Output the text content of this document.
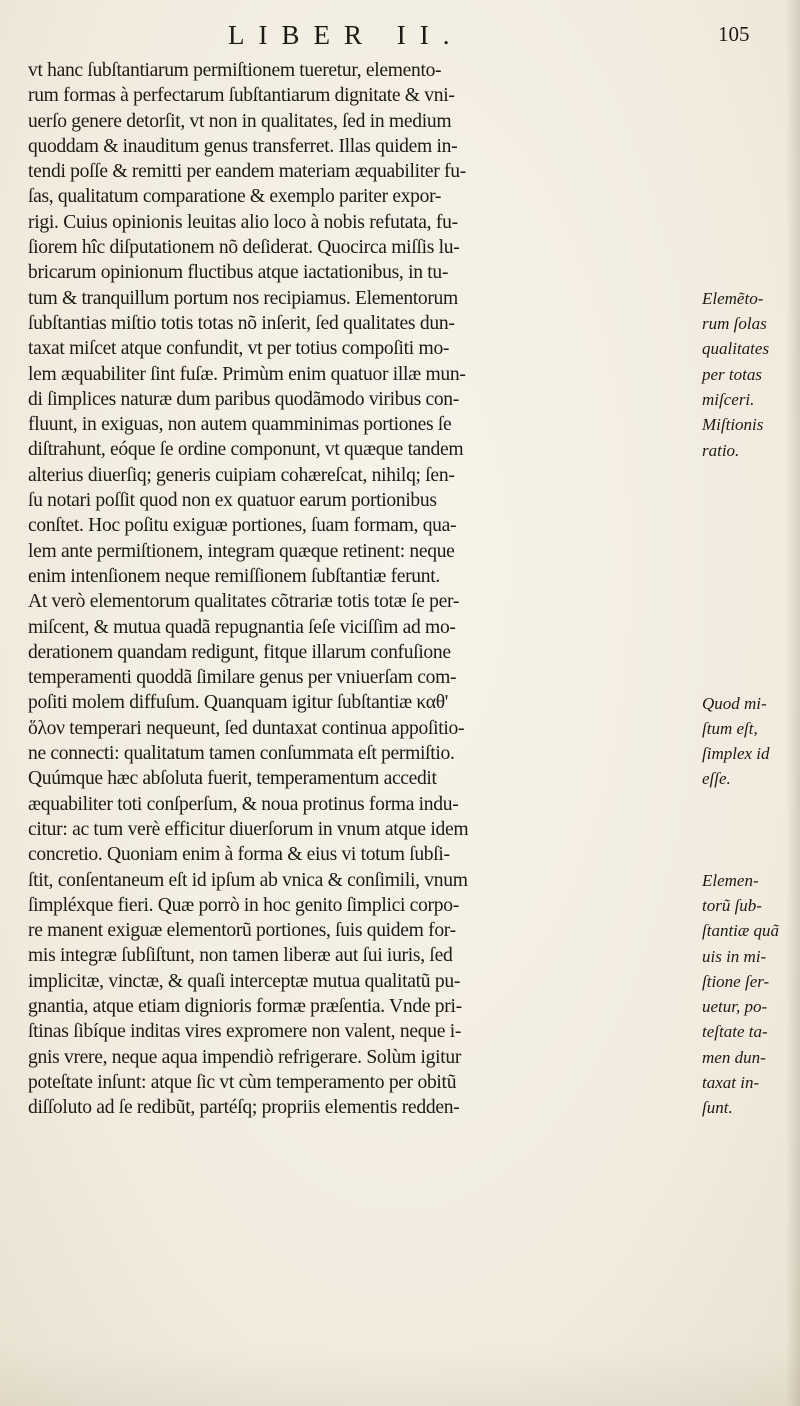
LIBER II.	105
vt hanc ſubſtantiarum permiſtionem tueretur, elemento-
rum formas à perfectarum ſubſtantiarum dignitate & vni-
uerſo genere detorſit, vt non in qualitates, ſed in medium
quoddam & inauditum genus transferret. Illas quidem in-
tendi poſſe & remitti per eandem materiam æquabiliter fu-
ſas, qualitatum comparatione & exemplo pariter expor-
rigi. Cuius opinionis leuitas alio loco à nobis refutata, fu-
ſiorem hîc diſputationem nõ deſiderat. Quocirca miſſis lu-
bricarum opinionum fluctibus atque iactationibus, in tu-
tum & tranquillum portum nos recipiamus. Elementorum
ſubſtantias miſtio totis totas nõ inſerit, ſed qualitates dun-
taxat miſcet atque confundit, vt per totius compoſiti mo-
lem æquabiliter ſint fuſæ. Primùm enim quatuor illæ mun-
di ſimplices naturæ dum paribus quodãmodo viribus con-
fluunt, in exiguas, non autem quamminimas portiones ſe
diſtrahunt, eóque ſe ordine componunt, vt quæque tandem
alterius diuerſiq; generis cuipiam cohæreſcat, nihilq; ſen-
ſu notari poſſit quod non ex quatuor earum portionibus
conſtet. Hoc poſitu exiguæ portiones, ſuam formam, qua-
lem ante permiſtionem, integram quæque retinent: neque
enim intenſionem neque remiſſionem ſubſtantiæ ferunt.
At verò elementorum qualitates cõtrariæ totis totæ ſe per-
miſcent, & mutua quadã repugnantia ſeſe viciſſim ad mo-
derationem quandam redigunt, fitque illarum confuſione
temperamenti quoddã ſimilare genus per vniuerſam com-
poſiti molem diffuſum. Quanquam igitur ſubſtantiæ καθ'
ὅλον temperari nequeunt, ſed duntaxat continua appoſitio-
ne connecti: qualitatum tamen conſummata eſt permiſtio.
Quúmque hæc abſoluta fuerit, temperamentum accedit
æquabiliter toti conſperſum, & noua protinus forma indu-
citur: ac tum verè efficitur diuerſorum in vnum atque idem
concretio. Quoniam enim à forma & eius vi totum ſubſi-
ſtit, conſentaneum eſt id ipſum ab vnica & conſimili, vnum
ſimpléxque fieri. Quæ porrò in hoc genito ſimplici corpo-
re manent exiguæ elementorũ portiones, ſuis quidem for-
mis integræ ſubſiſtunt, non tamen liberæ aut ſui iuris, ſed
implicitæ, vinctæ, & quaſi interceptæ mutua qualitatũ pu-
gnantia, atque etiam dignioris formæ præſentia. Vnde pri-
ſtinas ſibíque inditas vires expromere non valent, neque i-
gnis vrere, neque aqua impendiò refrigerare. Solùm igitur
poteſtate inſunt: atque ſic vt cùm temperamento per obitũ
diſſoluto ad ſe redibũt, partéſq; propriis elementis redden-
Elemẽto-
rum ſolas
qualitates
per totas
miſceri.
Miſtionis
ratio.
Quod mi-
ſtum eſt,
ſimplex id
eſſe.
Elemen-
torũ ſub-
ſtantiæ quã
uis in mi-
ſtione ſer-
uetur, po-
teſtate ta-
men dun-
taxat in-
ſunt.
